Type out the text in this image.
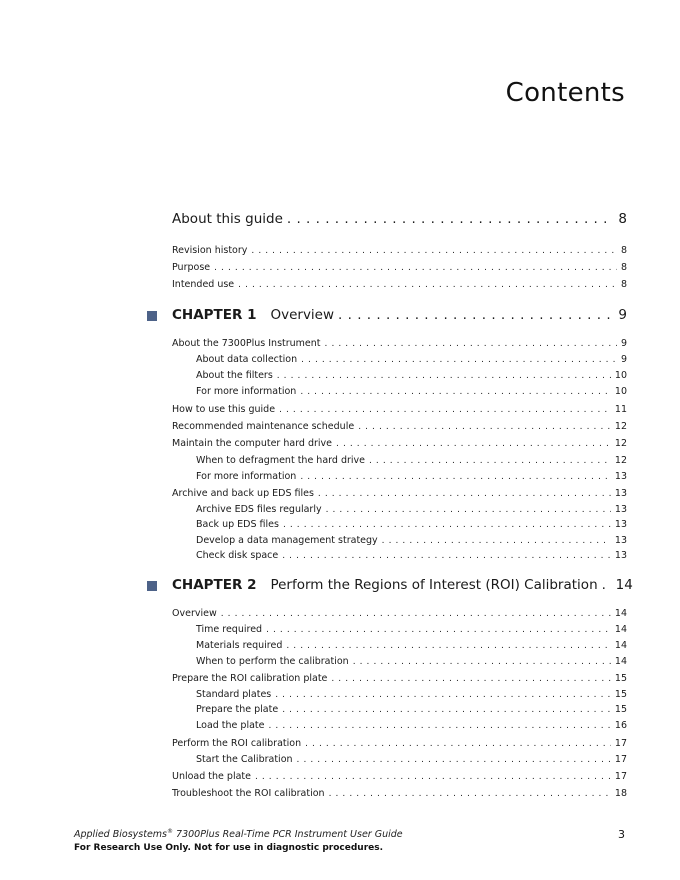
Contents
About this guide . . .	8
Revision history . . .	8
Purpose . . .	8
Intended use . . .	8
CHAPTER 1 Overview . . .	9
About the 7300Plus Instrument . . .	9
About data collection . . .	9
About the filters . . .	10
For more information . . .	10
How to use this guide . . .	11
Recommended maintenance schedule . . .	12
Maintain the computer hard drive . . .	12
When to defragment the hard drive . . .	12
For more information . . .	13
Archive and back up EDS files . . .	13
Archive EDS files regularly . . .	13
Back up EDS files . . .	13
Develop a data management strategy . . .	13
Check disk space . . .	13
CHAPTER 2 Perform the Regions of Interest (ROI) Calibration . . . 14
Overview . . .	14
Time required . . .	14
Materials required . . .	14
When to perform the calibration . . .	14
Prepare the ROI calibration plate . . .	15
Standard plates . . .	15
Prepare the plate . . .	15
Load the plate . . .	16
Perform the ROI calibration . . .	17
Start the Calibration . . .	17
Unload the plate . . .	17
Troubleshoot the ROI calibration . . .	18
Applied Biosystems® 7300Plus Real-Time PCR Instrument User Guide
For Research Use Only. Not for use in diagnostic procedures.
3
